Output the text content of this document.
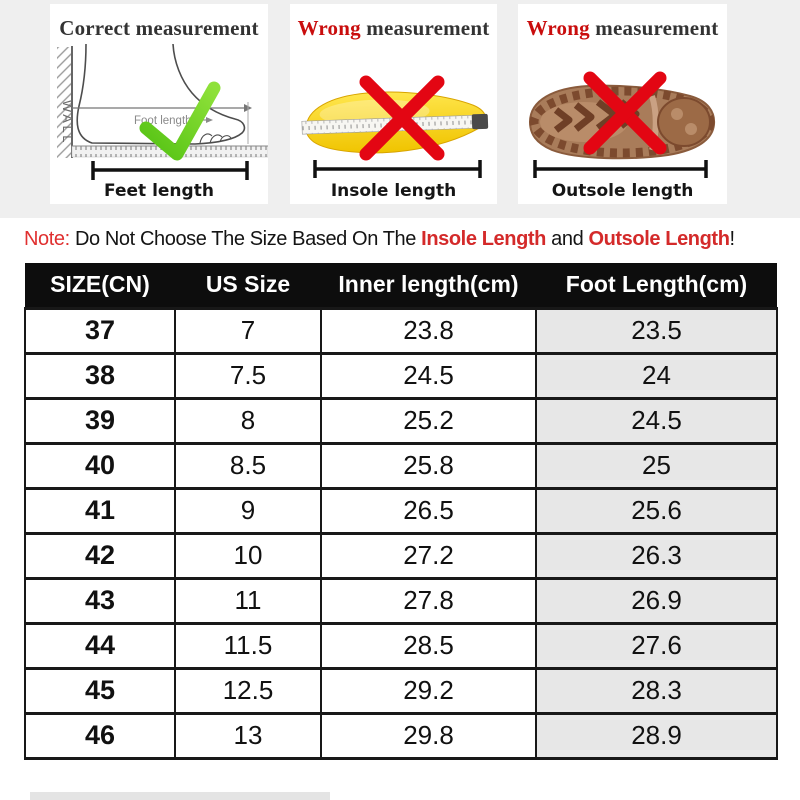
Correct measurement
WALL	Foot length
Feet length
Wrong measurement
Insole length
Wrong measurement
Outsole length
Note: Do Not Choose The Size Based On The Insole Length and Outsole Length!
SIZE(CN)	US Size	Inner length(cm)	Foot Length(cm)
37	7	23.8	23.5
38	7.5	24.5	24
39	8	25.2	24.5
40	8.5	25.8	25
41	9	26.5	25.6
42	10	27.2	26.3
43	11	27.8	26.9
44	11.5	28.5	27.6
45	12.5	29.2	28.3
46	13	29.8	28.9
